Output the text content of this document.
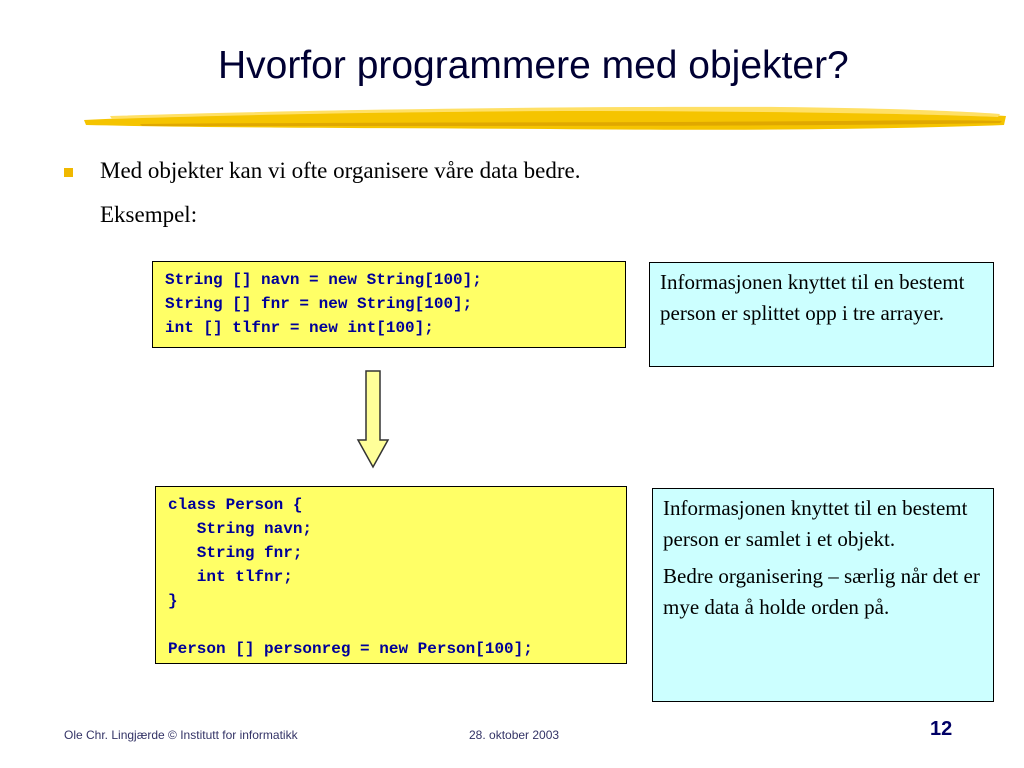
Hvorfor programmere med objekter?
Med objekter kan vi ofte organisere våre data bedre.
Eksempel:
String [] navn = new String[100];
String [] fnr = new String[100];
int [] tlfnr = new int[100];

Informasjonen knyttet til en bestemt person er splittet opp i tre arrayer.

class Person {
String navn;
String fnr;
int tlfnr;
}
Person [] personreg = new Person[100];

Informasjonen knyttet til en bestemt person er samlet i et objekt.

Bedre organisering – særlig når det er mye data å holde orden på.

Ole Chr. Lingjærde © Institutt for informatikk	28. oktober 2003	12
